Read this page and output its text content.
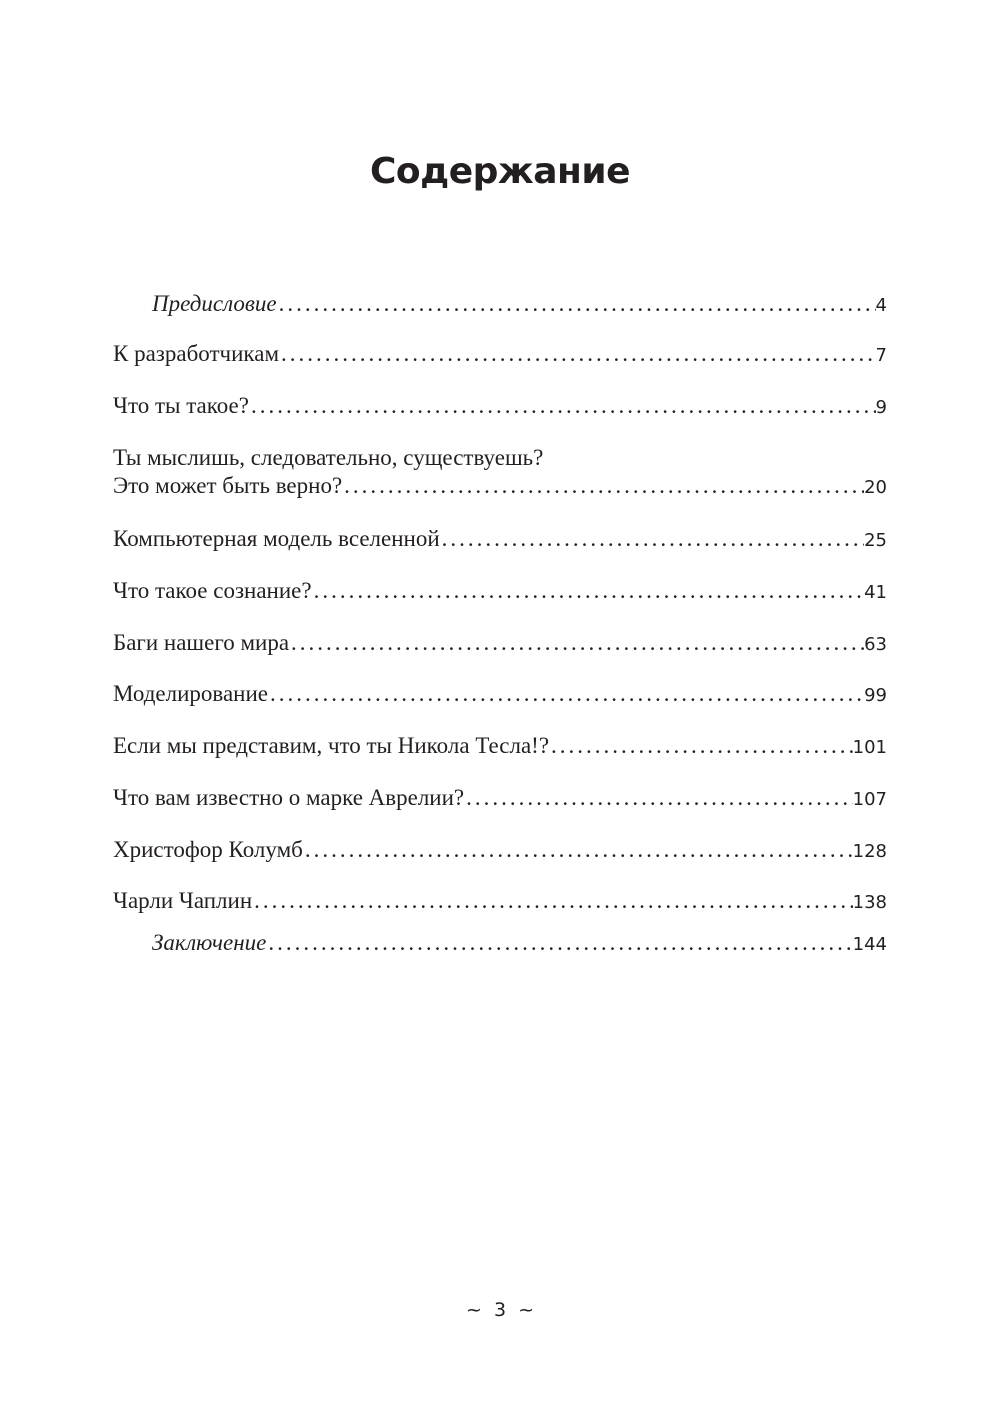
Содержание
Предисловие .....	4
К разработчикам .....	7
Что ты такое? .....	9
Ты мыслишь, следовательно, существуешь?
Это может быть верно? .....	20
Компьютерная модель вселенной .....	25
Что такое сознание? .....	41
Баги нашего мира .....	63
Моделирование .....	99
Если мы представим, что ты Никола Тесла!? .....	101
Что вам известно о марке Аврелии? .....	107
Христофор Колумб .....	128
Чарли Чаплин .....	138
Заключение .....	144
~ 3 ~
